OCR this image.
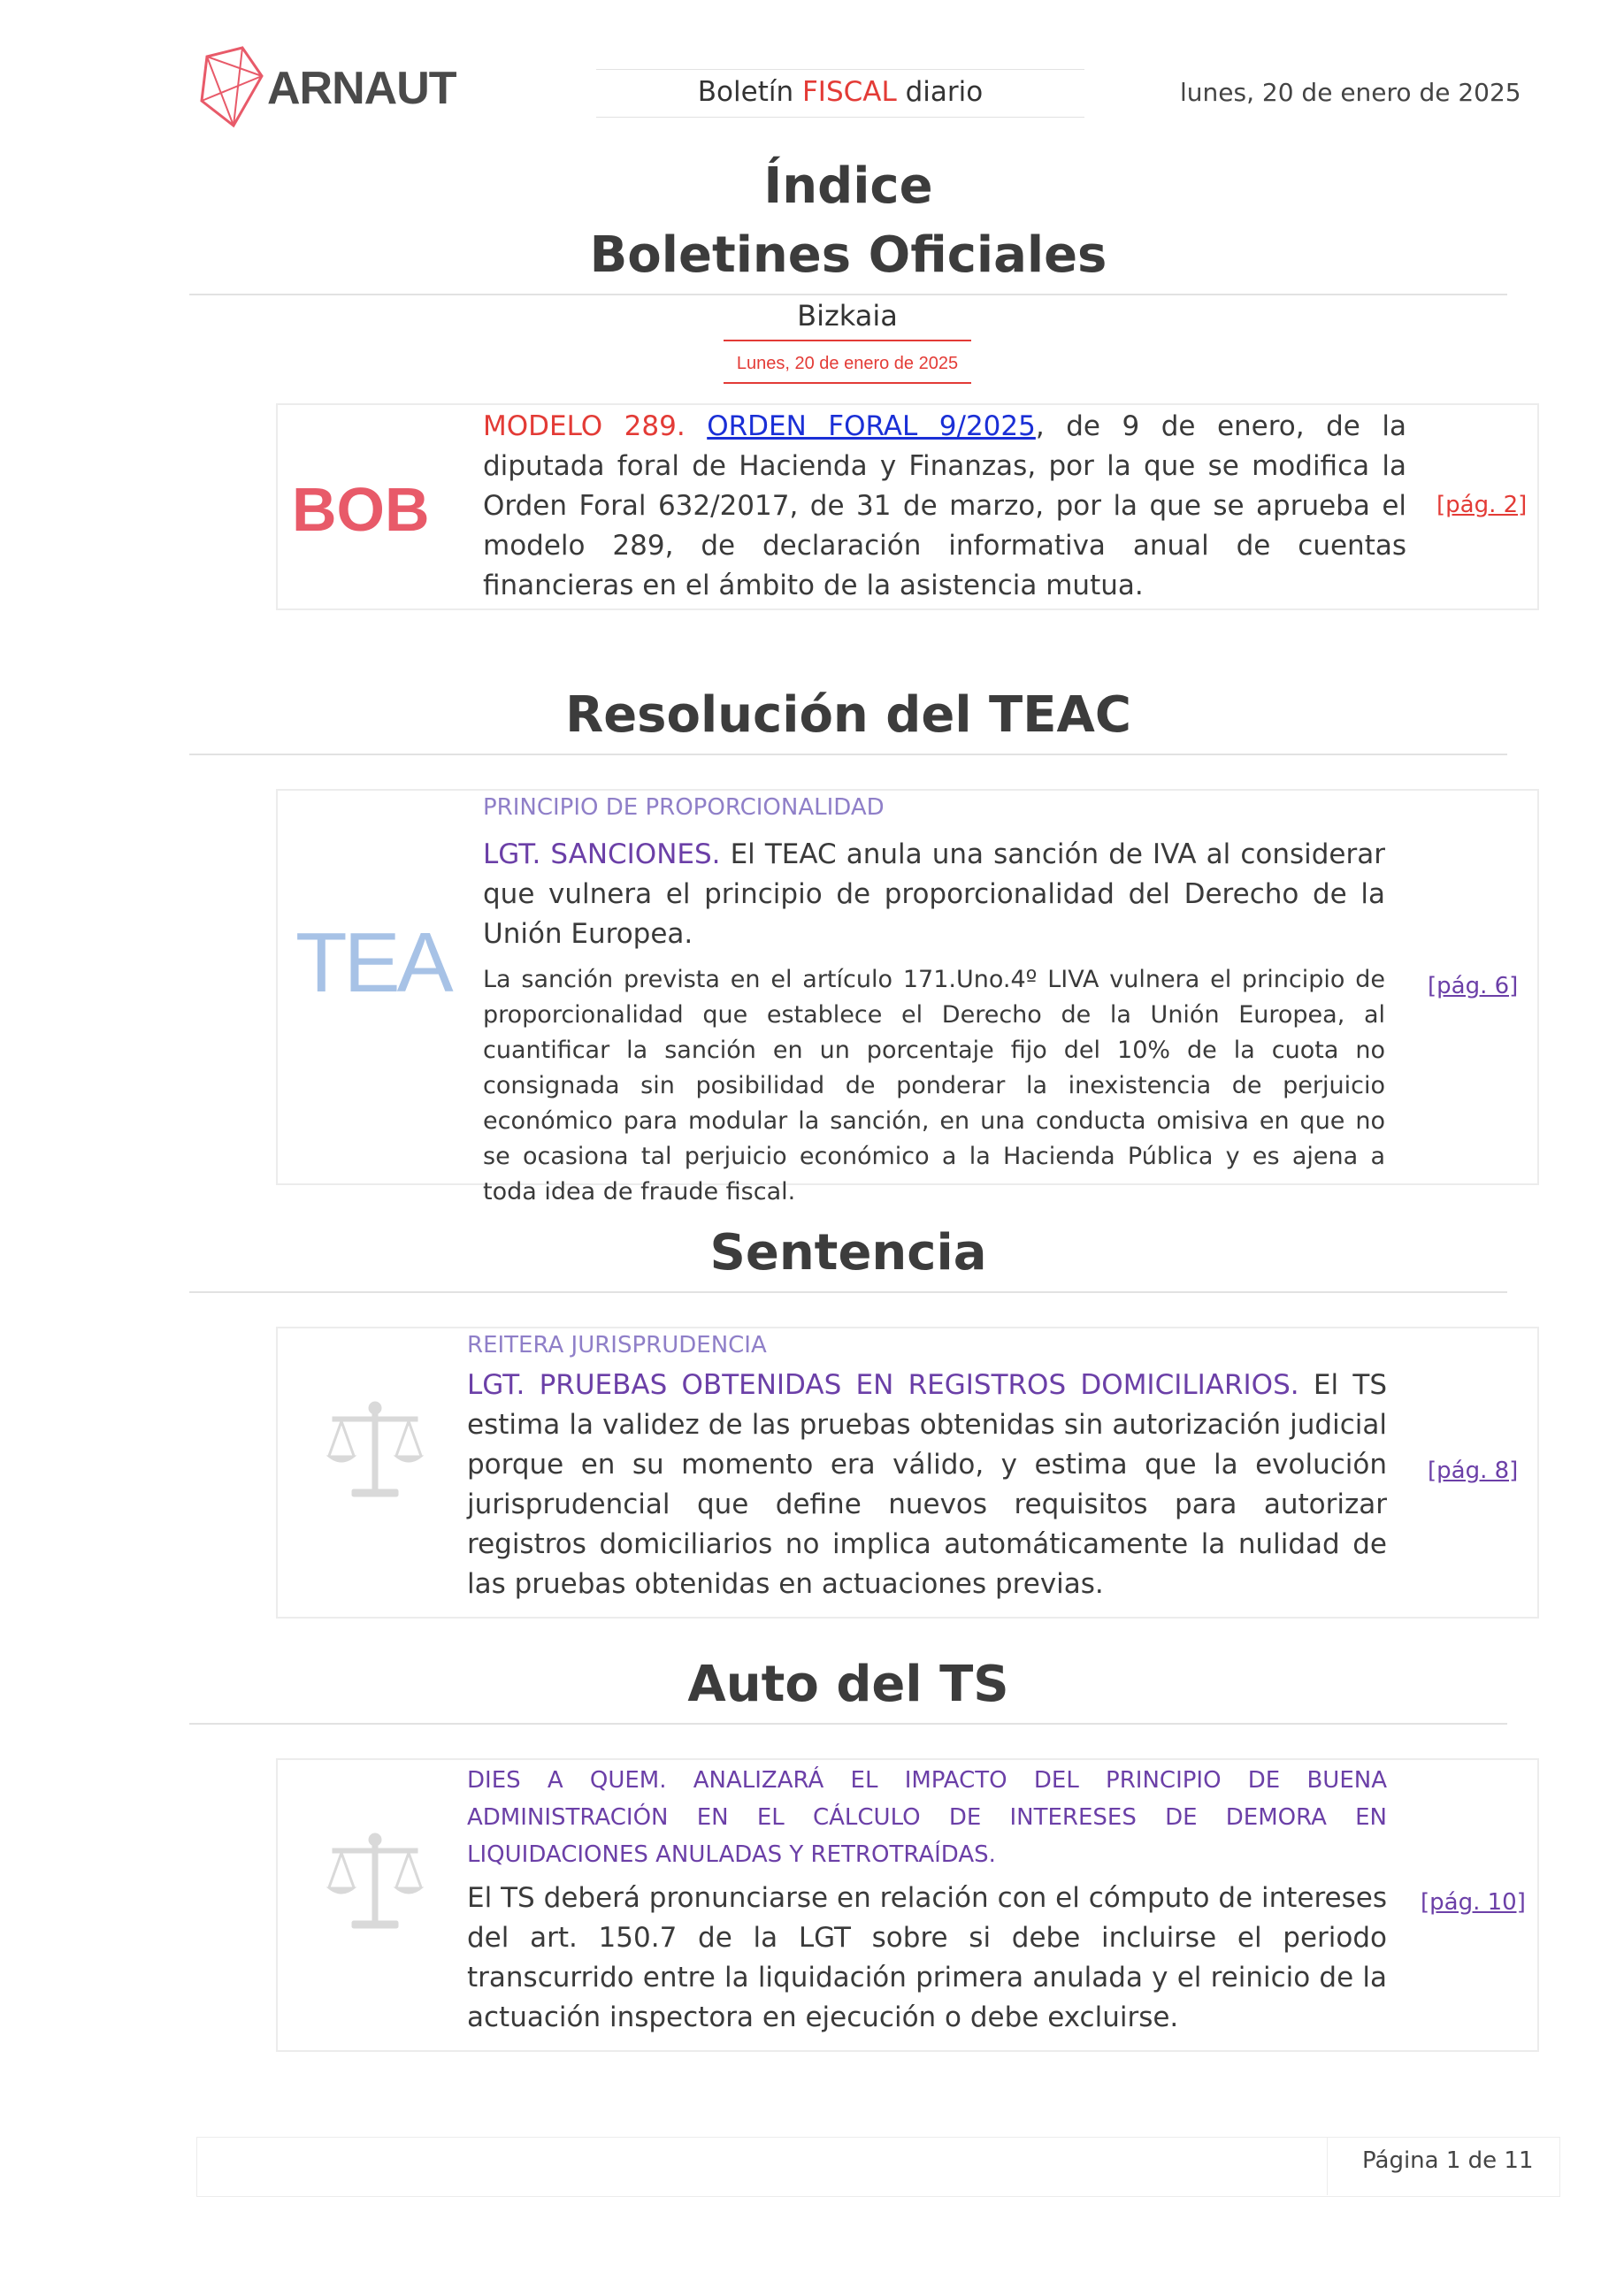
ARNAUT	Boletín FISCAL diario	lunes, 20 de enero de 2025
Índice
Boletines Oficiales
Bizkaia
Lunes, 20 de enero de 2025
BOB
MODELO 289. ORDEN FORAL 9/2025, de 9 de enero, de la diputada foral de Hacienda y Finanzas, por la que se modifica la Orden Foral 632/2017, de 31 de marzo, por la que se aprueba el modelo 289, de declaración informativa anual de cuentas financieras en el ámbito de la asistencia mutua.
[pág. 2]
Resolución del TEAC
TEA
PRINCIPIO DE PROPORCIONALIDAD
LGT. SANCIONES. El TEAC anula una sanción de IVA al considerar que vulnera el principio de proporcionalidad del Derecho de la Unión Europea.
La sanción prevista en el artículo 171.Uno.4º LIVA vulnera el principio de proporcionalidad que establece el Derecho de la Unión Europea, al cuantificar la sanción en un porcentaje fijo del 10% de la cuota no consignada sin posibilidad de ponderar la inexistencia de perjuicio económico para modular la sanción, en una conducta omisiva en que no se ocasiona tal perjuicio económico a la Hacienda Pública y es ajena a toda idea de fraude fiscal.
[pág. 6]
Sentencia
REITERA JURISPRUDENCIA
LGT. PRUEBAS OBTENIDAS EN REGISTROS DOMICILIARIOS. El TS estima la validez de las pruebas obtenidas sin autorización judicial porque en su momento era válido, y estima que la evolución jurisprudencial que define nuevos requisitos para autorizar registros domiciliarios no implica automáticamente la nulidad de las pruebas obtenidas en actuaciones previas.
[pág. 8]
Auto del TS
DIES A QUEM. ANALIZARÁ EL IMPACTO DEL PRINCIPIO DE BUENA ADMINISTRACIÓN EN EL CÁLCULO DE INTERESES DE DEMORA EN LIQUIDACIONES ANULADAS Y RETROTRAÍDAS.
El TS deberá pronunciarse en relación con el cómputo de intereses del art. 150.7 de la LGT sobre si debe incluirse el periodo transcurrido entre la liquidación primera anulada y el reinicio de la actuación inspectora en ejecución o debe excluirse.
[pág. 10]
Página 1 de 11
